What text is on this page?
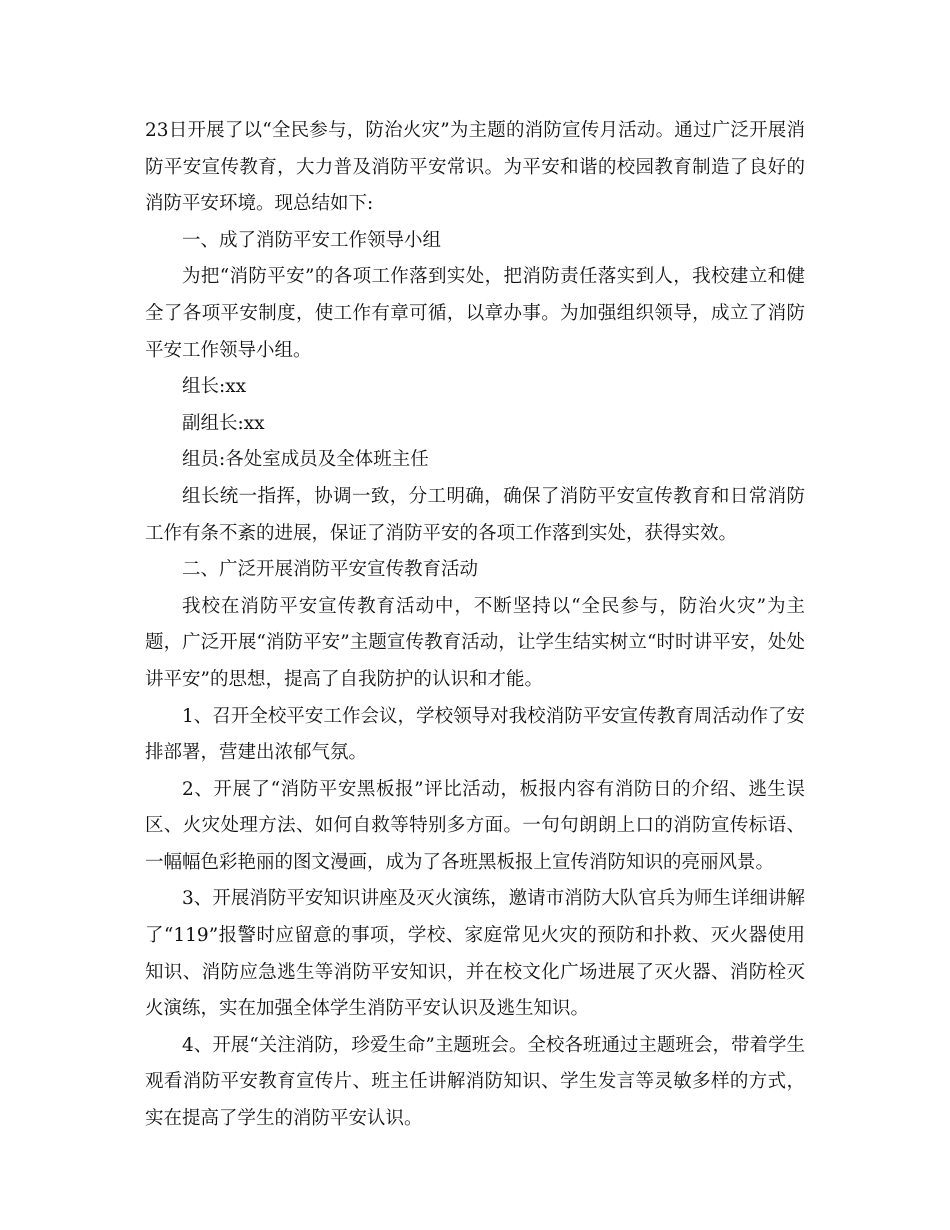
23日开展了以“全民参与，防治火灾”为主题的消防宣传月活动。通过广泛开展消防平安宣传教育，大力普及消防平安常识。为平安和谐的校园教育制造了良好的消防平安环境。现总结如下:

一、成了消防平安工作领导小组

为把“消防平安”的各项工作落到实处，把消防责任落实到人，我校建立和健全了各项平安制度，使工作有章可循，以章办事。为加强组织领导，成立了消防平安工作领导小组。

组长:xx

副组长:xx

组员:各处室成员及全体班主任

组长统一指挥，协调一致，分工明确，确保了消防平安宣传教育和日常消防工作有条不紊的进展，保证了消防平安的各项工作落到实处，获得实效。

二、广泛开展消防平安宣传教育活动

我校在消防平安宣传教育活动中，不断坚持以“全民参与，防治火灾”为主题，广泛开展“消防平安”主题宣传教育活动，让学生结实树立“时时讲平安，处处讲平安”的思想，提高了自我防护的认识和才能。

1、召开全校平安工作会议，学校领导对我校消防平安宣传教育周活动作了安排部署，营建出浓郁气氛。

2、开展了“消防平安黑板报”评比活动，板报内容有消防日的介绍、逃生误区、火灾处理方法、如何自救等特别多方面。一句句朗朗上口的消防宣传标语、一幅幅色彩艳丽的图文漫画，成为了各班黑板报上宣传消防知识的亮丽风景。

3、开展消防平安知识讲座及灭火演练，邀请市消防大队官兵为师生详细讲解了“119”报警时应留意的事项，学校、家庭常见火灾的预防和扑救、灭火器使用知识、消防应急逃生等消防平安知识，并在校文化广场进展了灭火器、消防栓灭火演练，实在加强全体学生消防平安认识及逃生知识。

4、开展“关注消防，珍爱生命”主题班会。全校各班通过主题班会，带着学生观看消防平安教育宣传片、班主任讲解消防知识、学生发言等灵敏多样的方式，实在提高了学生的消防平安认识。
